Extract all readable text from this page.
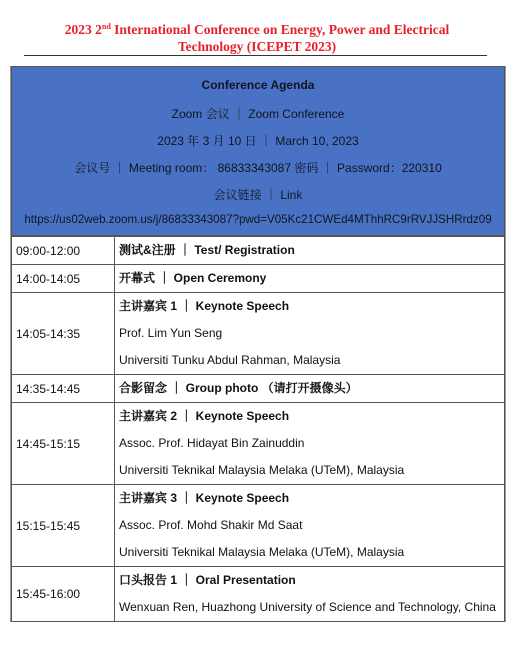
2023 2nd International Conference on Energy, Power and Electrical
Technology (ICEPET 2023)
Conference Agenda
Zoom 会议 ｜ Zoom Conference
2023 年 3 月 10 日 ｜ March 10, 2023
会议号 ｜ Meeting room： 86833343087 密码 ｜ Password：220310
会议链接 ｜ Link
https://us02web.zoom.us/j/86833343087?pwd=V05Kc21CWEd4MThhRC9rRVJJSHRrdz09
09:00-12:00	测试&注册 ｜ Test/ Registration

14:00-14:05	开幕式 ｜ Open Ceremony

14:05-14:35	主讲嘉宾 1 ｜ Keynote Speech
Prof. Lim Yun Seng
Universiti Tunku Abdul Rahman, Malaysia

14:35-14:45	合影留念 ｜ Group photo （请打开摄像头）

14:45-15:15	主讲嘉宾 2 ｜ Keynote Speech
Assoc. Prof. Hidayat Bin Zainuddin
Universiti Teknikal Malaysia Melaka (UTeM), Malaysia

15:15-15:45	主讲嘉宾 3 ｜ Keynote Speech
Assoc. Prof. Mohd Shakir Md Saat
Universiti Teknikal Malaysia Melaka (UTeM), Malaysia

15:45-16:00	口头报告 1 ｜ Oral Presentation
Wenxuan Ren, Huazhong University of Science and Technology, China
